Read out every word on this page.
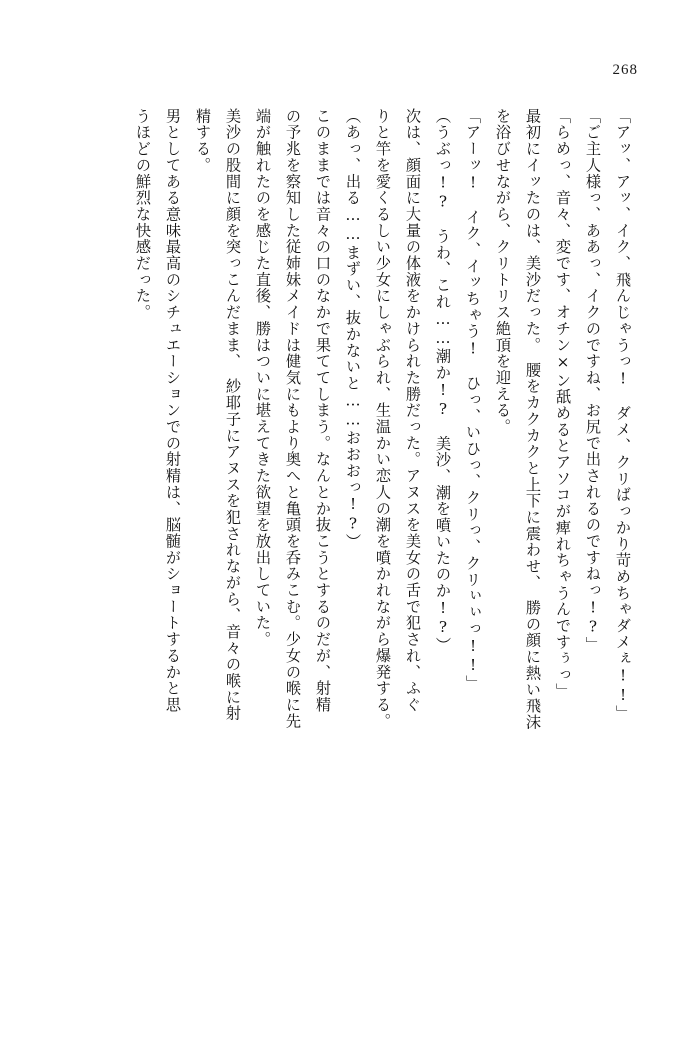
268
「アッ、アッ、イク、飛んじゃうっ!　ダメ、クリばっかり苛めちゃダメぇ!!」
「ご主人様っ、ああっ、イクのですね、お尻で出されるのですねっ!?」
「らめっ、音々、変です、オチン×ン舐めるとアソコが痺れちゃうんですぅっ」
最初にイッたのは、美沙だった。　腰をカクカクと上下に震わせ、　勝の顔に熱い飛沫
を浴びせながら、クリトリス絶頂を迎える。
「アーッ!　イク、イッちゃう!　ひっ、いひっ、クリっ、クリぃぃっ!!」
（うぶっ!?　うわ、これ……潮か!?　美沙、潮を噴いたのか!?）
次は、顔面に大量の体液をかけられた勝だった。アヌスを美女の舌で犯され、ふぐ
りと竿を愛くるしい少女にしゃぶられ、生温かい恋人の潮を噴かれながら爆発する。
（あっ、出る……まずい、抜かないと……おおおっ!?）
このままでは音々の口のなかで果ててしまう。なんとか抜こうとするのだが、射精
の予兆を察知した従姉妹メイドは健気にもより奥へと亀頭を呑みこむ。少女の喉に先
端が触れたのを感じた直後、勝はついに堪えてきた欲望を放出していた。
美沙の股間に顔を突っこんだまま、　紗耶子にアヌスを犯されながら、音々の喉に射
精する。
男としてある意味最高のシチュエーションでの射精は、脳髄がショートするかと思
うほどの鮮烈な快感だった。
